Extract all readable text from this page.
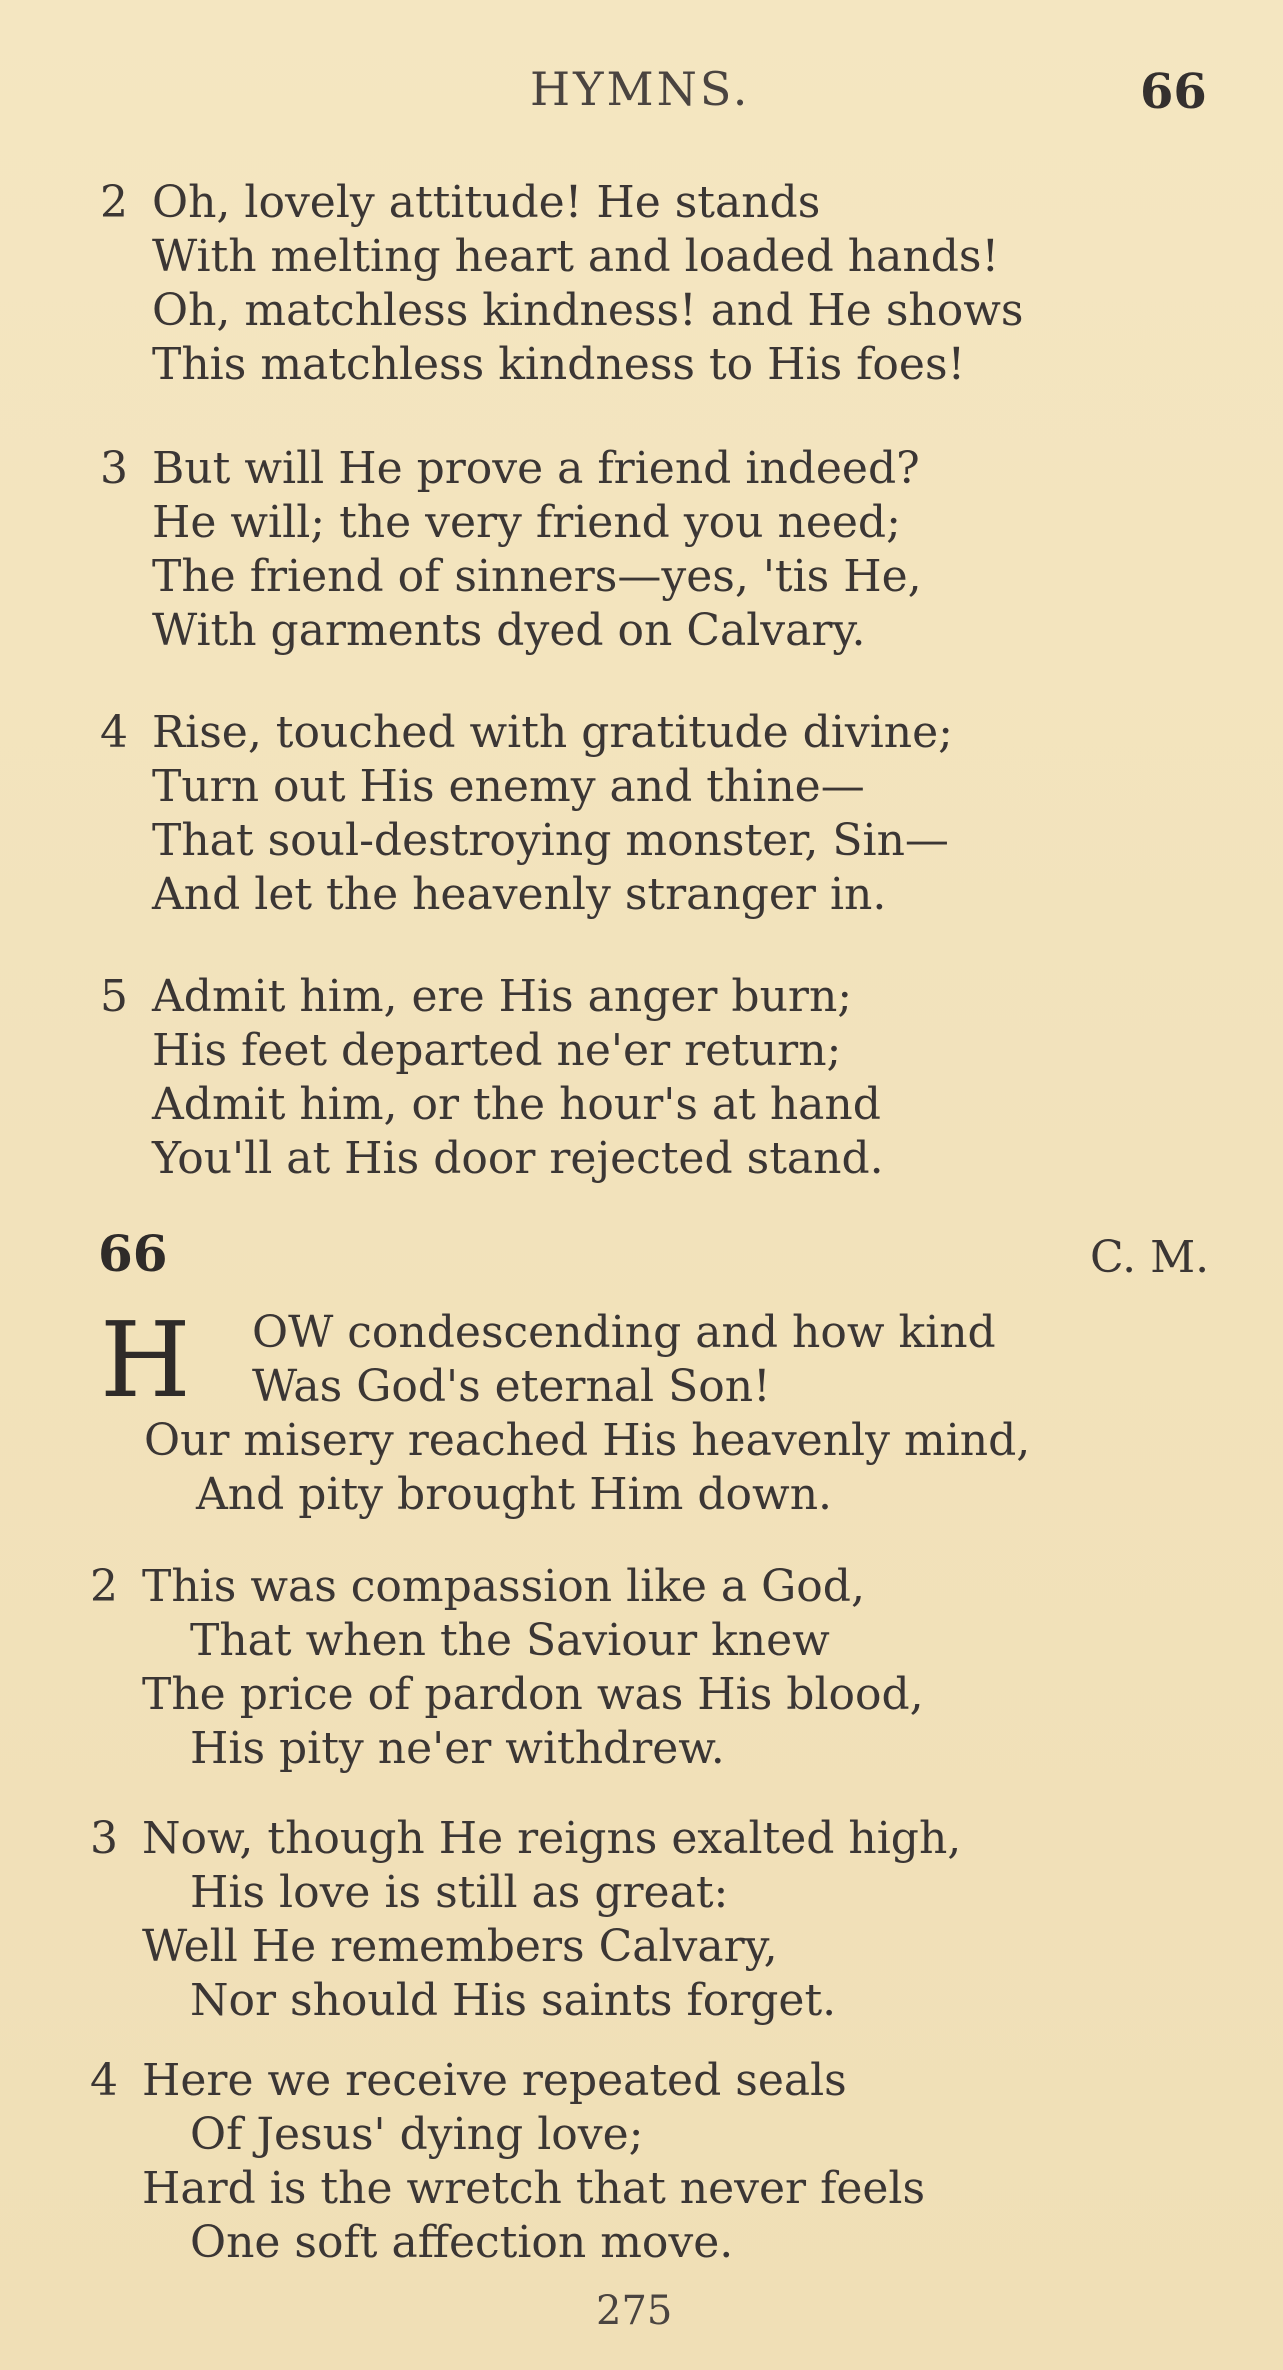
HYMNS.	66
2 Oh, lovely attitude! He stands
With melting heart and loaded hands!
Oh, matchless kindness! and He shows
This matchless kindness to His foes!
3 But will He prove a friend indeed?
He will; the very friend you need;
The friend of sinners—yes, 'tis He,
With garments dyed on Calvary.
4 Rise, touched with gratitude divine;
Turn out His enemy and thine—
That soul-destroying monster, Sin—
And let the heavenly stranger in.
5 Admit him, ere His anger burn;
His feet departed ne'er return;
Admit him, or the hour's at hand
You'll at His door rejected stand.
66	C. M.
H OW condescending and how kind
Was God's eternal Son!
Our misery reached His heavenly mind,
And pity brought Him down.
2 This was compassion like a God,
That when the Saviour knew
The price of pardon was His blood,
His pity ne'er withdrew.
3 Now, though He reigns exalted high,
His love is still as great:
Well He remembers Calvary,
Nor should His saints forget.
4 Here we receive repeated seals
Of Jesus' dying love;
Hard is the wretch that never feels
One soft affection move.
275
